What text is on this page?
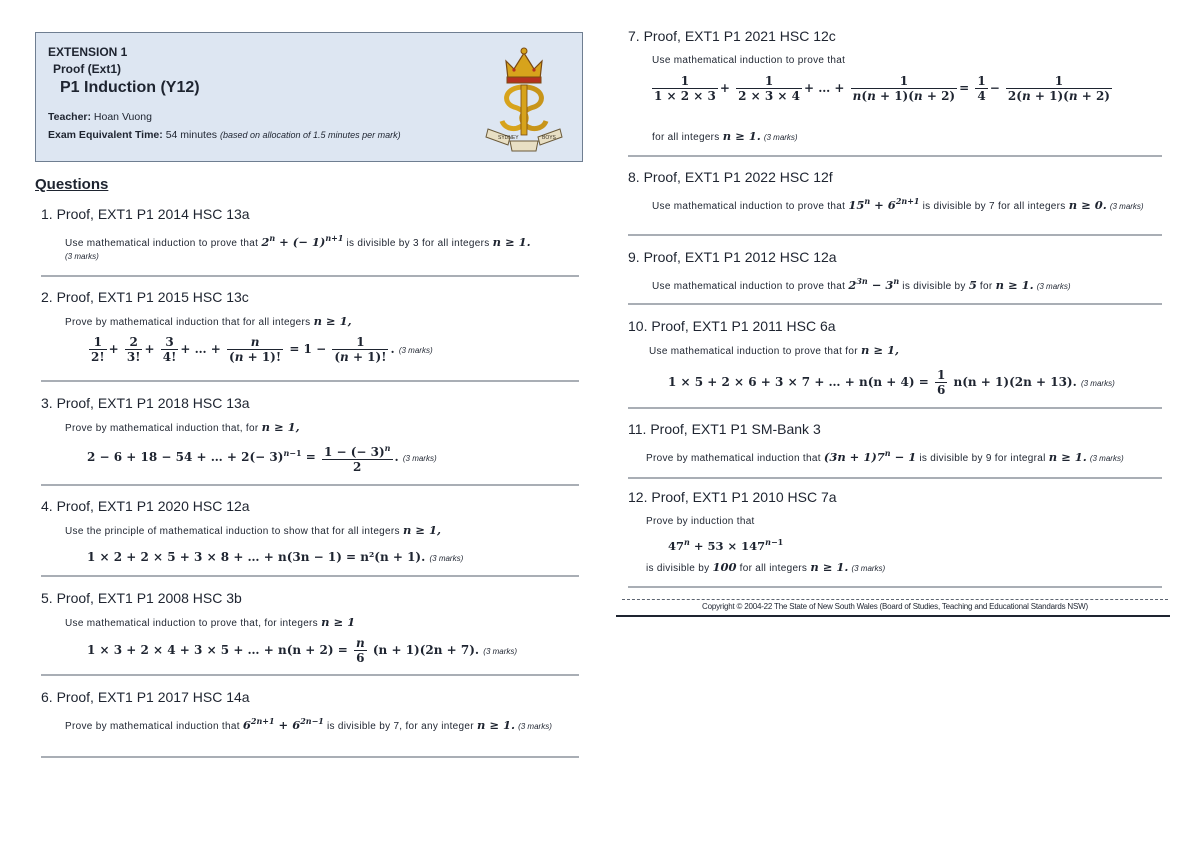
EXTENSION 1
Proof (Ext1)
P1 Induction (Y12)
Teacher: Hoan Vuong
Exam Equivalent Time: 54 minutes (based on allocation of 1.5 minutes per mark)	SYDNEY	BOYS
Questions
1. Proof, EXT1 P1 2014 HSC 13a
Use mathematical induction to prove that $2^n$ + (− 1)$^{n+1}$ is divisible by 3 for all integers n ≥ 1.
(3 marks)
2. Proof, EXT1 P1 2015 HSC 13c
Prove by mathematical induction that for all integers n ≥ 1,
$\frac{1}{2!} + \frac{2}{3!} + \frac{3}{4!}$ + … + $\frac{n}{(n + 1)!} = 1 - \frac{1}{(n + 1)!}$ . (3 marks)
3. Proof, EXT1 P1 2018 HSC 13a
Prove by mathematical induction that, for n ≥ 1,
2 − 6 + 18 − 54 + … + $2(- 3)^{n-1} = \frac{1 - (- 3)^n}{2}$ . (3 marks)
4. Proof, EXT1 P1 2020 HSC 12a
Use the principle of mathematical induction to show that for all integers n ≥ 1,
1 × 2 + 2 × 5 + 3 × 8 + … + n(3n − 1) = n²(n + 1). (3 marks)
5. Proof, EXT1 P1 2008 HSC 3b
Use mathematical induction to prove that, for integers n ≥ 1
1 × 3 + 2 × 4 + 3 × 5 + … + $n(n + 2) = \frac{n}{6} (n + 1)(2n + 7)$. (3 marks)
6. Proof, EXT1 P1 2017 HSC 14a
Prove by mathematical induction that $6^{2n+1} + 6^{2n-1}$ is divisible by 7, for any integer n ≥ 1. (3 marks)
7. Proof, EXT1 P1 2021 HSC 12c
Use mathematical induction to prove that
$\frac{1}{1 \times 2 \times 3} + \frac{1}{2 \times 3 \times 4}$ + … + $\frac{1}{n(n + 1)(n + 2)} = \frac{1}{4} - \frac{1}{2(n + 1)(n + 2)}$
for all integers n ≥ 1. (3 marks)
8. Proof, EXT1 P1 2022 HSC 12f
Use mathematical induction to prove that $15^n + 6^{2n+1}$ is divisible by 7 for all integers n ≥ 0. (3 marks)
9. Proof, EXT1 P1 2012 HSC 12a
Use mathematical induction to prove that $2^{3n} - 3^n$ is divisible by 5 for n ≥ 1. (3 marks)
10. Proof, EXT1 P1 2011 HSC 6a
Use mathematical induction to prove that for n ≥ 1,
1 × 5 + 2 × 6 + 3 × 7 + … + $n(n + 4) = \frac{1}{6} n(n + 1)(2n + 13)$. (3 marks)
11. Proof, EXT1 P1 SM-Bank 3
Prove by mathematical induction that $(3n + 1)7^n - 1$ is divisible by 9 for integral n ≥ 1. (3 marks)
12. Proof, EXT1 P1 2010 HSC 7a
Prove by induction that
$47^n + 53 \times 147^{n-1}$
is divisible by 100 for all integers n ≥ 1. (3 marks)
Copyright © 2004-22 The State of New South Wales (Board of Studies, Teaching and Educational Standards NSW)
